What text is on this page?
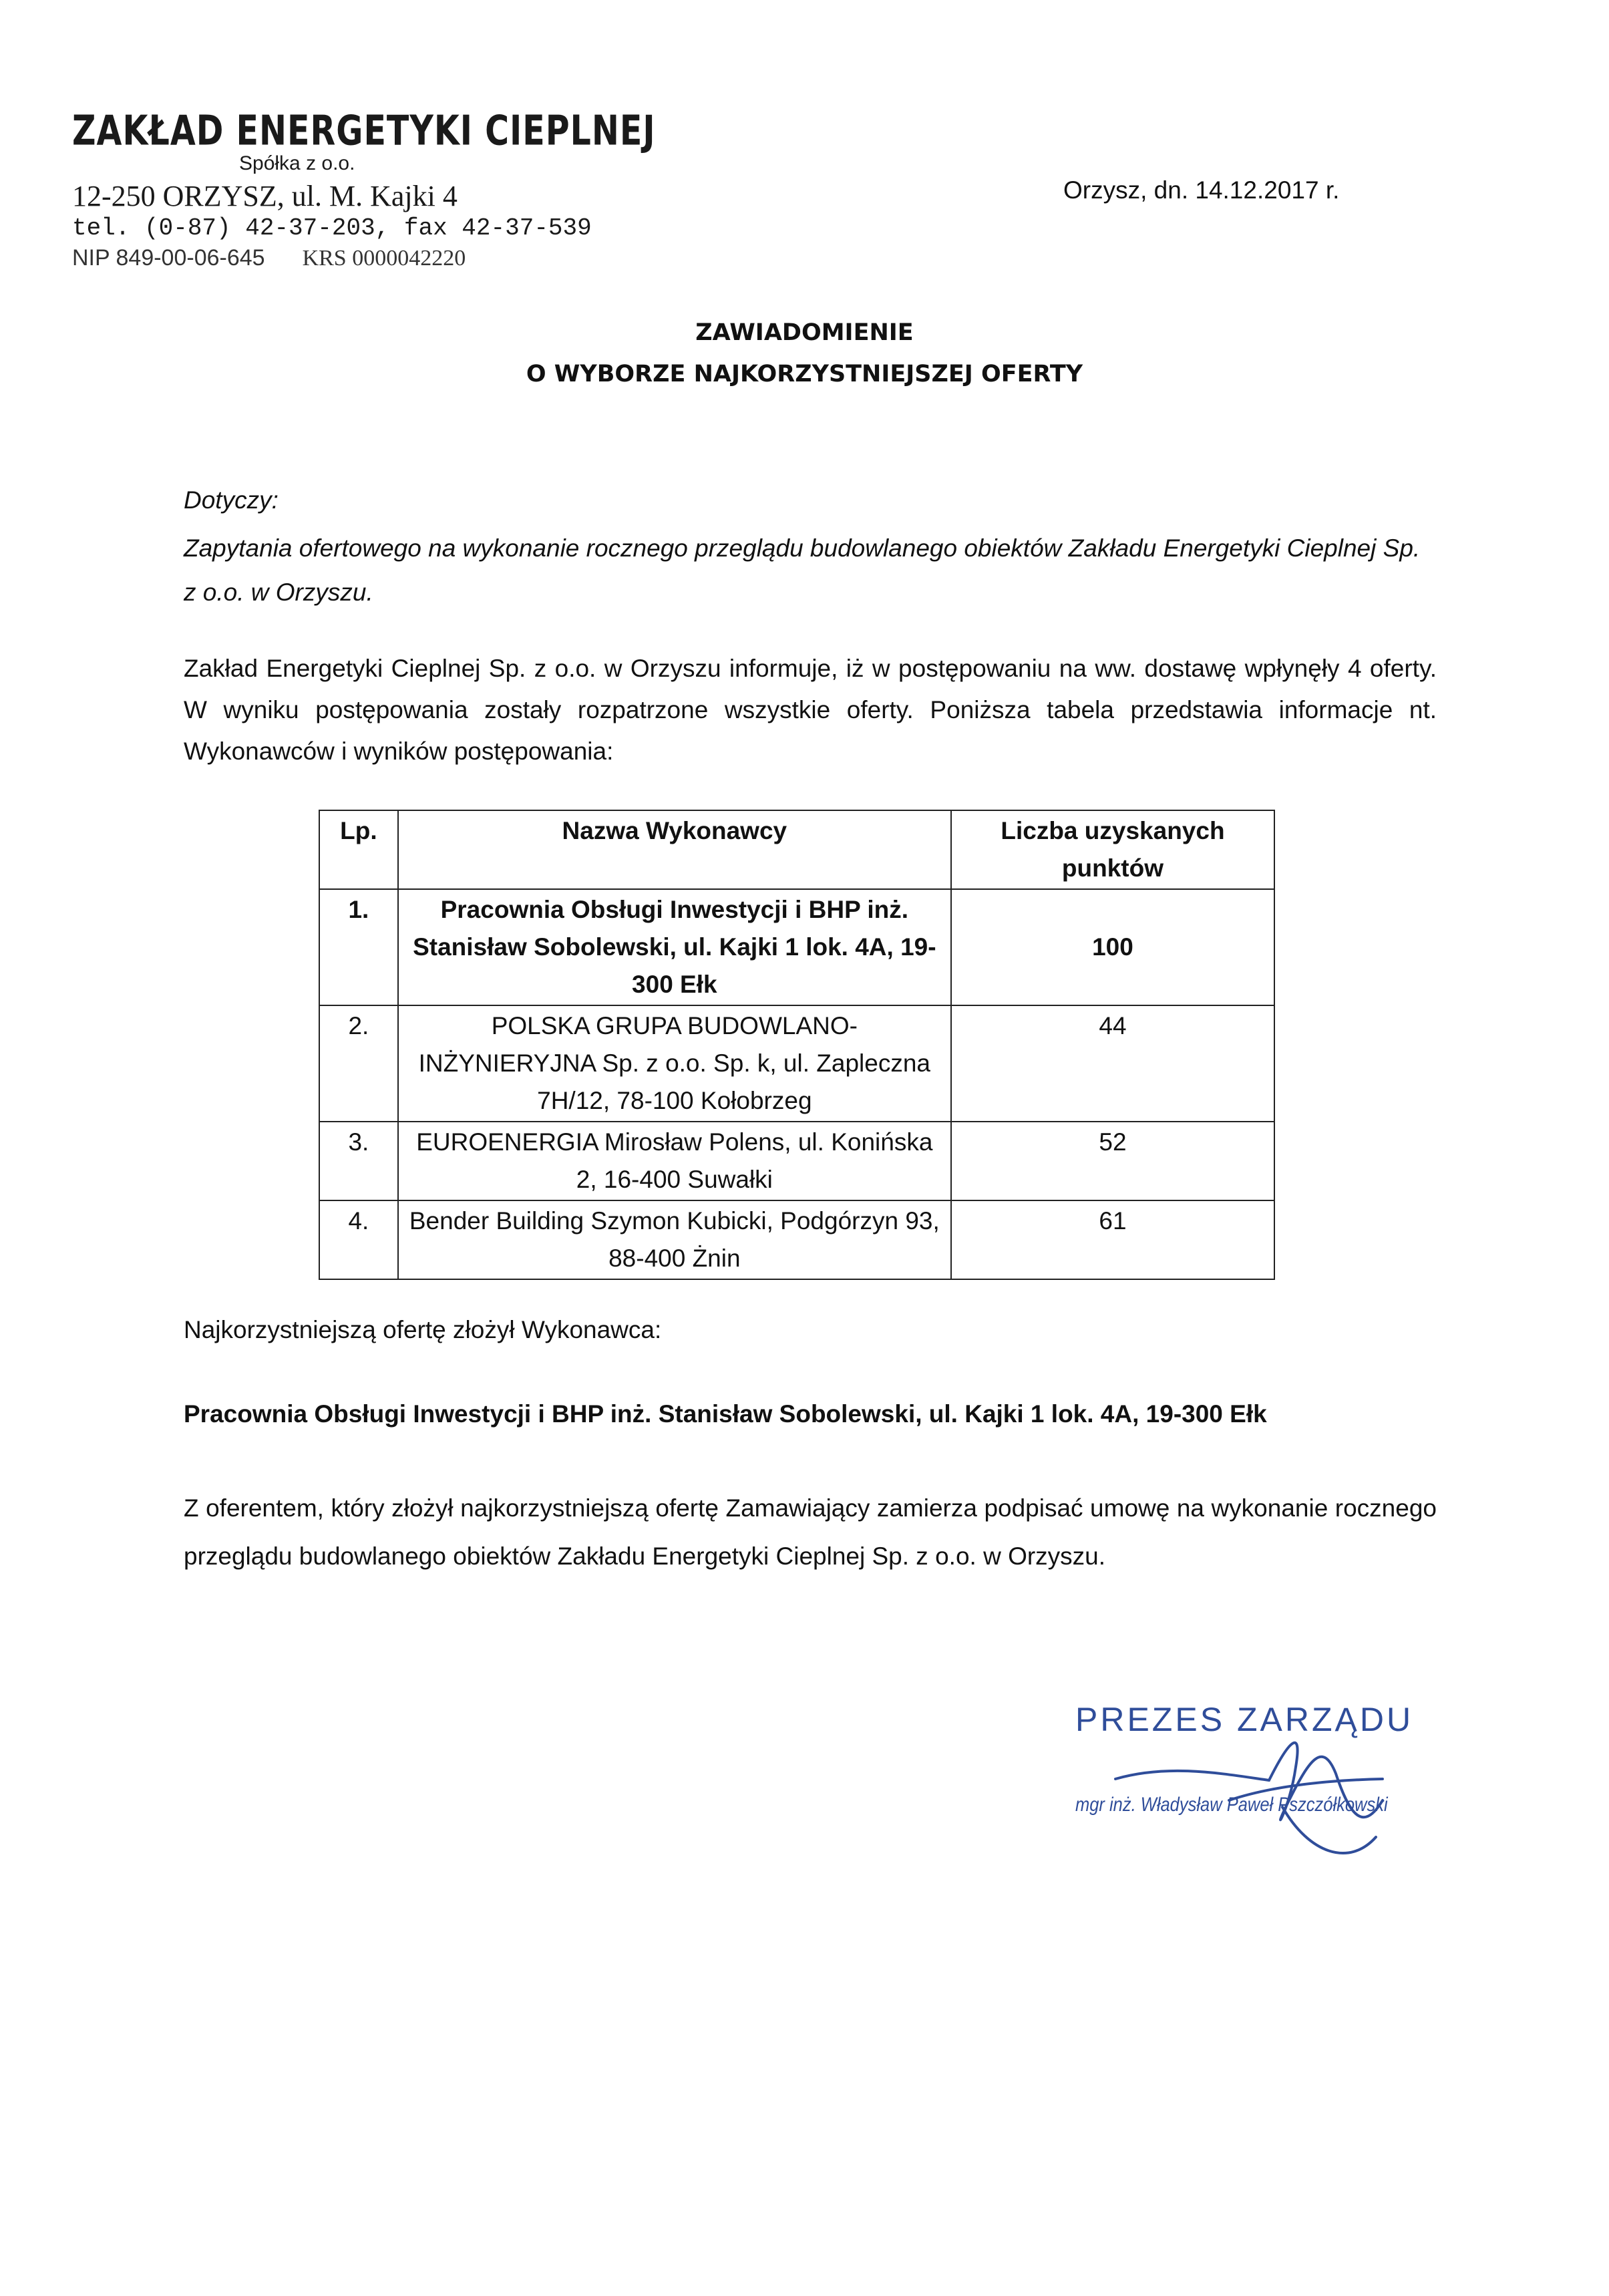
ZAKŁAD ENERGETYKI CIEPLNEJ
Spółka z o.o.
12-250 ORZYSZ, ul. M. Kajki 4
tel. (0-87) 42-37-203, fax 42-37-539
NIP 849-00-06-645 KRS 0000042220
Orzysz, dn. 14.12.2017 r.
ZAWIADOMIENIE
O WYBORZE NAJKORZYSTNIEJSZEJ OFERTY
Dotyczy:
Zapytania ofertowego na wykonanie rocznego przeglądu budowlanego obiektów Zakładu Energetyki Cieplnej Sp. z o.o. w Orzyszu.
Zakład Energetyki Cieplnej Sp. z o.o. w Orzyszu informuje, iż w postępowaniu na ww. dostawę wpłynęły 4 oferty. W wyniku postępowania zostały rozpatrzone wszystkie oferty. Poniższa tabela przedstawia informacje nt. Wykonawców i wyników postępowania:
Lp.	Nazwa Wykonawcy	Liczba uzyskanych punktów
1.	Pracownia Obsługi Inwestycji i BHP inż. Stanisław Sobolewski, ul. Kajki 1 lok. 4A, 19-300 Ełk	100
2.	POLSKA GRUPA BUDOWLANO-INŻYNIERYJNA Sp. z o.o. Sp. k, ul. Zapleczna 7H/12, 78-100 Kołobrzeg	44
3.	EUROENERGIA Mirosław Polens, ul. Konińska 2, 16-400 Suwałki	52
4.	Bender Building Szymon Kubicki, Podgórzyn 93, 88-400 Żnin	61
Najkorzystniejszą ofertę złożył Wykonawca:
Pracownia Obsługi Inwestycji i BHP inż. Stanisław Sobolewski, ul. Kajki 1 lok. 4A, 19-300 Ełk
Z oferentem, który złożył najkorzystniejszą ofertę Zamawiający zamierza podpisać umowę na wykonanie rocznego przeglądu budowlanego obiektów Zakładu Energetyki Cieplnej Sp. z o.o. w Orzyszu.
PREZES ZARZĄDU
mgr inż. Władysław Paweł Pszczółkowski
